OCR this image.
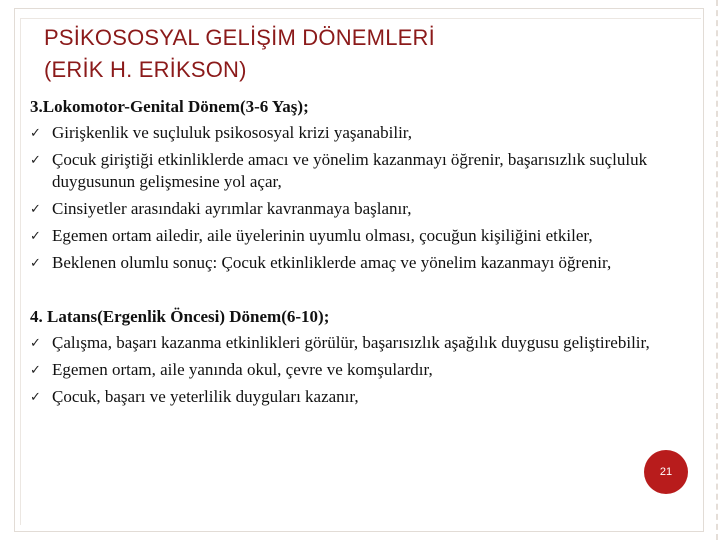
PSİKOSOSYAL GELİŞİM DÖNEMLERİ
(ERİK H. ERİKSON)

3.Lokomotor-Genital Dönem(3-6 Yaş);

✓ Girişkenlik ve suçluluk psikososyal krizi yaşanabilir,
✓ Çocuk giriştiği etkinliklerde amacı ve yönelim kazanmayı öğrenir, başarısızlık suçluluk duygusunun gelişmesine yol açar,
✓ Cinsiyetler arasındaki ayrımlar kavranmaya başlanır,
✓ Egemen ortam ailedir, aile üyelerinin uyumlu olması, çocuğun kişiliğini etkiler,
✓ Beklenen olumlu sonuç: Çocuk etkinliklerde amaç ve yönelim kazanmayı öğrenir,

4. Latans(Ergenlik Öncesi) Dönem(6-10);

✓ Çalışma, başarı kazanma etkinlikleri görülür, başarısızlık aşağılık duygusu geliştirebilir,
✓ Egemen ortam, aile yanında okul, çevre ve komşulardır,
✓ Çocuk, başarı ve yeterlilik duyguları kazanır,
21
